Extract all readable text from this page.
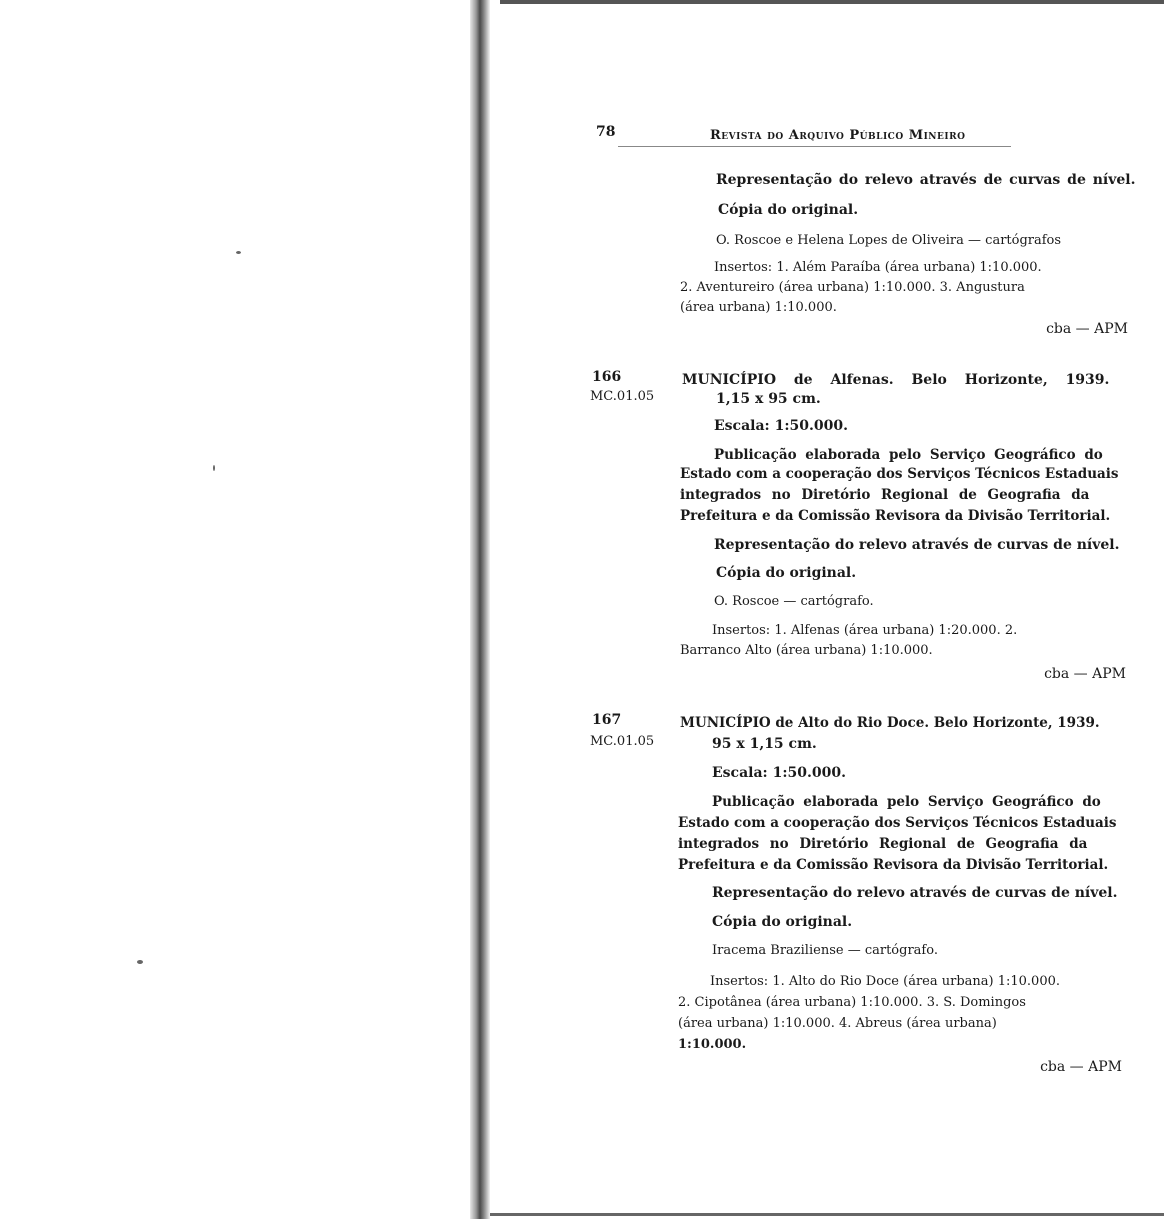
78	Revista do Arquivo Público Mineiro
Representação do relevo através de curvas de nível.
Cópia do original.
O. Roscoe e Helena Lopes de Oliveira — cartógrafos
Insertos: 1. Além Paraíba (área urbana) 1:10.000.
2. Aventureiro (área urbana) 1:10.000. 3. Angustura
(área urbana) 1:10.000.
cba — APM
166
MC.01.05
MUNICÍPIO de Alfenas. Belo Horizonte, 1939.
1,15 x 95 cm.
Escala: 1:50.000.
Publicação elaborada pelo Serviço Geográfico do
Estado com a cooperação dos Serviços Técnicos Estaduais
integrados no Diretório Regional de Geografia da
Prefeitura e da Comissão Revisora da Divisão Territorial.
Representação do relevo através de curvas de nível.
Cópia do original.
O. Roscoe — cartógrafo.
Insertos: 1. Alfenas (área urbana) 1:20.000. 2.
Barranco Alto (área urbana) 1:10.000.
cba — APM
167
MC.01.05
MUNICÍPIO de Alto do Rio Doce. Belo Horizonte, 1939.
95 x 1,15 cm.
Escala: 1:50.000.
Publicação elaborada pelo Serviço Geográfico do
Estado com a cooperação dos Serviços Técnicos Estaduais
integrados no Diretório Regional de Geografia da
Prefeitura e da Comissão Revisora da Divisão Territorial.
Representação do relevo através de curvas de nível.
Cópia do original.
Iracema Braziliense — cartógrafo.
Insertos: 1. Alto do Rio Doce (área urbana) 1:10.000.
2. Cipotânea (área urbana) 1:10.000. 3. S. Domingos
(área urbana) 1:10.000. 4. Abreus (área urbana)
1:10.000.
cba — APM
